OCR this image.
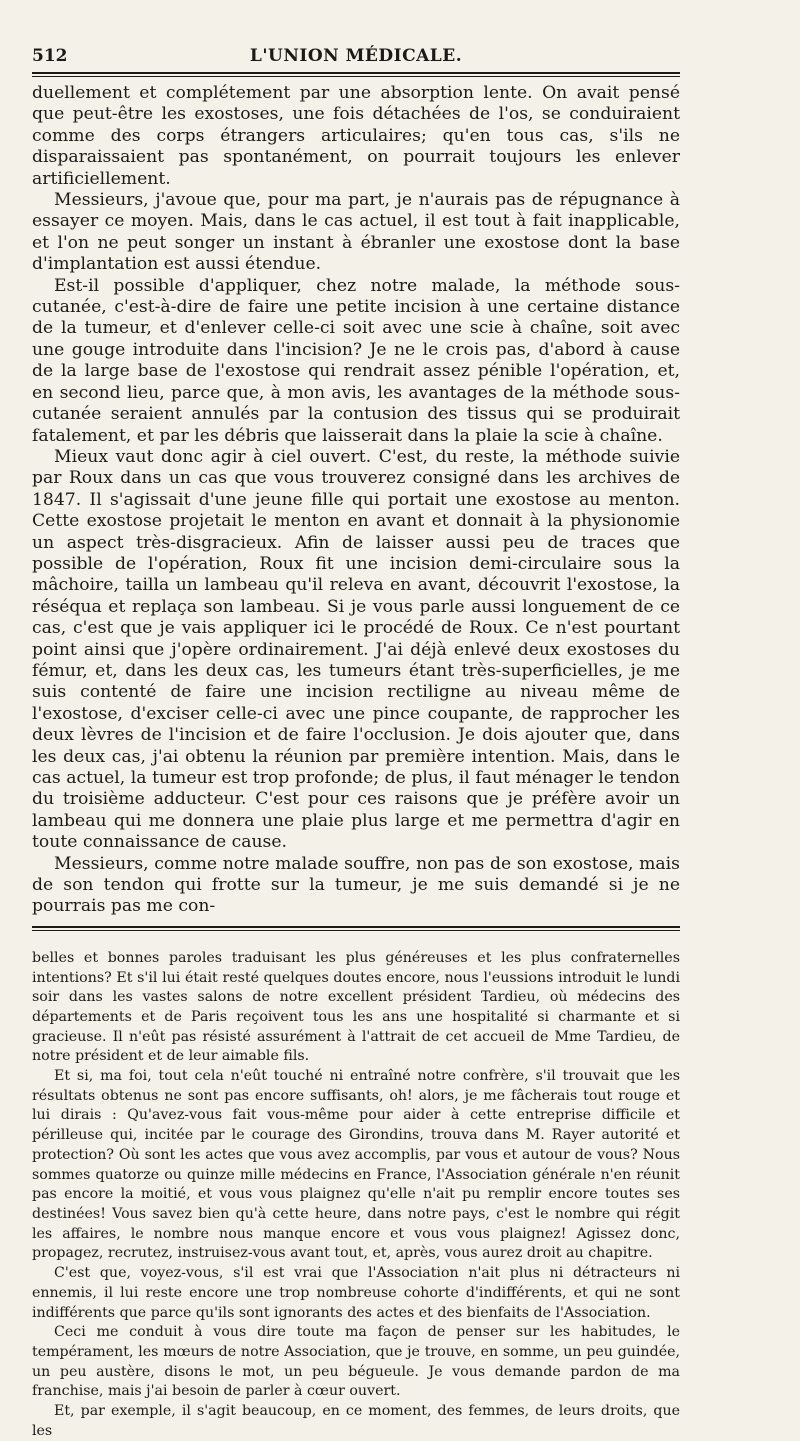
512	L'UNION MÉDICALE.

duellement et complétement par une absorption lente. On avait pensé que peut-être les exostoses, une fois détachées de l'os, se conduiraient comme des corps étrangers articulaires; qu'en tous cas, s'ils ne disparaissaient pas spontanément, on pourrait toujours les enlever artificiellement.

Messieurs, j'avoue que, pour ma part, je n'aurais pas de répugnance à essayer ce moyen. Mais, dans le cas actuel, il est tout à fait inapplicable, et l'on ne peut songer un instant à ébranler une exostose dont la base d'implantation est aussi étendue.

Est-il possible d'appliquer, chez notre malade, la méthode sous-cutanée, c'est-à-dire de faire une petite incision à une certaine distance de la tumeur, et d'enlever celle-ci soit avec une scie à chaîne, soit avec une gouge introduite dans l'incision? Je ne le crois pas, d'abord à cause de la large base de l'exostose qui rendrait assez pénible l'opération, et, en second lieu, parce que, à mon avis, les avantages de la méthode sous-cutanée seraient annulés par la contusion des tissus qui se produirait fatalement, et par les débris que laisserait dans la plaie la scie à chaîne.

Mieux vaut donc agir à ciel ouvert. C'est, du reste, la méthode suivie par Roux dans un cas que vous trouverez consigné dans les archives de 1847. Il s'agissait d'une jeune fille qui portait une exostose au menton. Cette exostose projetait le menton en avant et donnait à la physionomie un aspect très-disgracieux. Afin de laisser aussi peu de traces que possible de l'opération, Roux fit une incision demi-circulaire sous la mâchoire, tailla un lambeau qu'il releva en avant, découvrit l'exostose, la réséqua et replaça son lambeau. Si je vous parle aussi longuement de ce cas, c'est que je vais appliquer ici le procédé de Roux. Ce n'est pourtant point ainsi que j'opère ordinairement. J'ai déjà enlevé deux exostoses du fémur, et, dans les deux cas, les tumeurs étant très-superficielles, je me suis contenté de faire une incision rectiligne au niveau même de l'exostose, d'exciser celle-ci avec une pince coupante, de rapprocher les deux lèvres de l'incision et de faire l'occlusion. Je dois ajouter que, dans les deux cas, j'ai obtenu la réunion par première intention. Mais, dans le cas actuel, la tumeur est trop profonde; de plus, il faut ménager le tendon du troisième adducteur. C'est pour ces raisons que je préfère avoir un lambeau qui me donnera une plaie plus large et me permettra d'agir en toute connaissance de cause.

Messieurs, comme notre malade souffre, non pas de son exostose, mais de son tendon qui frotte sur la tumeur, je me suis demandé si je ne pourrais pas me con-

belles et bonnes paroles traduisant les plus généreuses et les plus confraternelles intentions? Et s'il lui était resté quelques doutes encore, nous l'eussions introduit le lundi soir dans les vastes salons de notre excellent président Tardieu, où médecins des départements et de Paris reçoivent tous les ans une hospitalité si charmante et si gracieuse. Il n'eût pas résisté assurément à l'attrait de cet accueil de Mme Tardieu, de notre président et de leur aimable fils.

Et si, ma foi, tout cela n'eût touché ni entraîné notre confrère, s'il trouvait que les résultats obtenus ne sont pas encore suffisants, oh! alors, je me fâcherais tout rouge et lui dirais : Qu'avez-vous fait vous-même pour aider à cette entreprise difficile et périlleuse qui, incitée par le courage des Girondins, trouva dans M. Rayer autorité et protection? Où sont les actes que vous avez accomplis, par vous et autour de vous? Nous sommes quatorze ou quinze mille médecins en France, l'Association générale n'en réunit pas encore la moitié, et vous vous plaignez qu'elle n'ait pu remplir encore toutes ses destinées! Vous savez bien qu'à cette heure, dans notre pays, c'est le nombre qui régit les affaires, le nombre nous manque encore et vous vous plaignez! Agissez donc, propagez, recrutez, instruisez-vous avant tout, et, après, vous aurez droit au chapitre.

C'est que, voyez-vous, s'il est vrai que l'Association n'ait plus ni détracteurs ni ennemis, il lui reste encore une trop nombreuse cohorte d'indifférents, et qui ne sont indifférents que parce qu'ils sont ignorants des actes et des bienfaits de l'Association.

Ceci me conduit à vous dire toute ma façon de penser sur les habitudes, le tempérament, les mœurs de notre Association, que je trouve, en somme, un peu guindée, un peu austère, disons le mot, un peu bégueule. Je vous demande pardon de ma franchise, mais j'ai besoin de parler à cœur ouvert.

Et, par exemple, il s'agit beaucoup, en ce moment, des femmes, de leurs droits, que les
